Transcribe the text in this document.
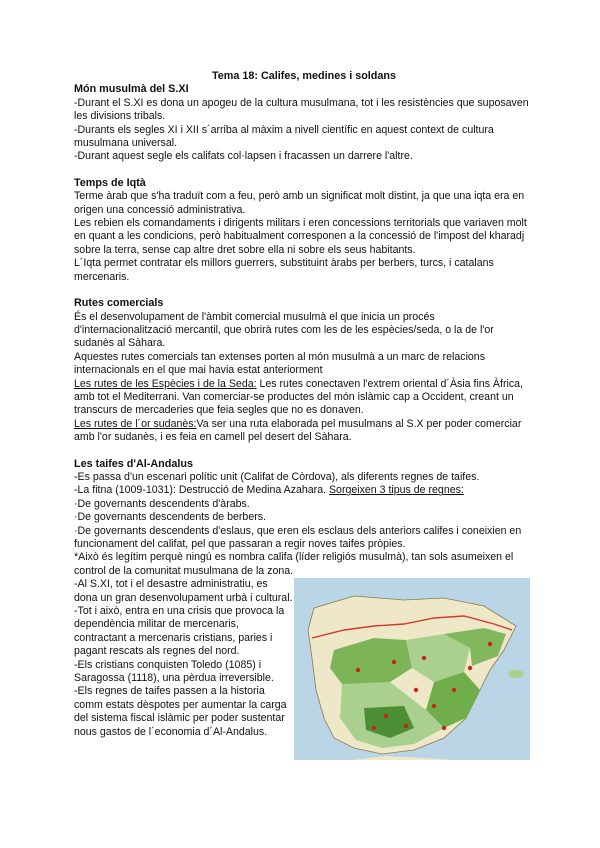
Tema 18: Califes, medines i soldans
Món musulmà del S.XI

-Durant el S.XI es dona un apogeu de la cultura musulmana, tot i les resistències que suposaven les divisions tribals.

-Durants els segles XI i XII s´arriba al màxim a nivell científic en aquest context de cultura musulmana universal.

-Durant aquest segle els califats col·lapsen i fracassen un darrere l'altre.

Temps de Iqtà

Terme àrab que s'ha traduït com a feu, però amb un significat molt distint, ja que una iqta era en origen una concessió administrativa.

Les rebien els comandaments i dirigents militars i eren concessions territorials que variaven molt en quant a les condicions, però habitualment corresponen a la concessió de l'impost del kharadj sobre la terra, sense cap altre dret sobre ella ni sobre els seus habitants.

L´Iqta permet contratar els millors guerrers, substituint àrabs per berbers, turcs, i catalans mercenaris.

Rutes comercials

És el desenvolupament de l'àmbit comercial musulmà el que inicia un procés d'internacionalització mercantil, que obrirà rutes com les de les espècies/seda, o la de l'or sudanès al Sàhara.

Aquestes rutes comercials tan extenses porten al món musulmà a un marc de relacions internacionals en el que mai havia estat anteriorment

Les rutes de les Espècies i de la Seda: Les rutes conectaven l'extrem oriental d´Àsia fins Àfrica, amb tot el Mediterrani. Van comerciar-se productes del món islàmic cap a Occident, creant un transcurs de mercaderies que feia segles que no es donaven.

Les rutes de l´or sudanès:Va ser una ruta elaborada pel musulmans al S.X per poder comerciar amb l'or sudanès, i es feia en camell pel desert del Sàhara.

Les taifes d'Al-Andalus

-Es passa d'un escenari polític unit (Califat de Còrdova), als diferents regnes de taifes.

-La fitna (1009-1031): Destrucció de Medina Azahara. Sorgeixen 3 tipus de regnes:

·De governants descendents d'àrabs.

·De governants descendents de berbers.

·De governants descendents d'eslaus, que eren els esclaus dels anteriors califes i coneixien en funcionament del califat, pel que passaran a regir noves taifes pròpies.

*Això és legítim perquè ningú es nombra califa (líder religiós musulmà), tan sols asumeixen el control de la comunitat musulmana de la zona.

-Al S.XI, tot i el desastre administratiu, es dona un gran desenvolupament urbà i cultural.

-Tot i això, entra en una crisis que provoca la dependència militar de mercenaris, contractant a mercenaris cristians, paries i pagant rescats als regnes del nord.

-Els cristians conquisten Toledo (1085) i Saragossa (1118), una pèrdua irreversible.

-Els regnes de taifes passen a la historia comm estats dèspotes per aumentar la carga del sistema fiscal islàmic per poder sustentar nous gastos de l´economia d´Al-Andalus.
